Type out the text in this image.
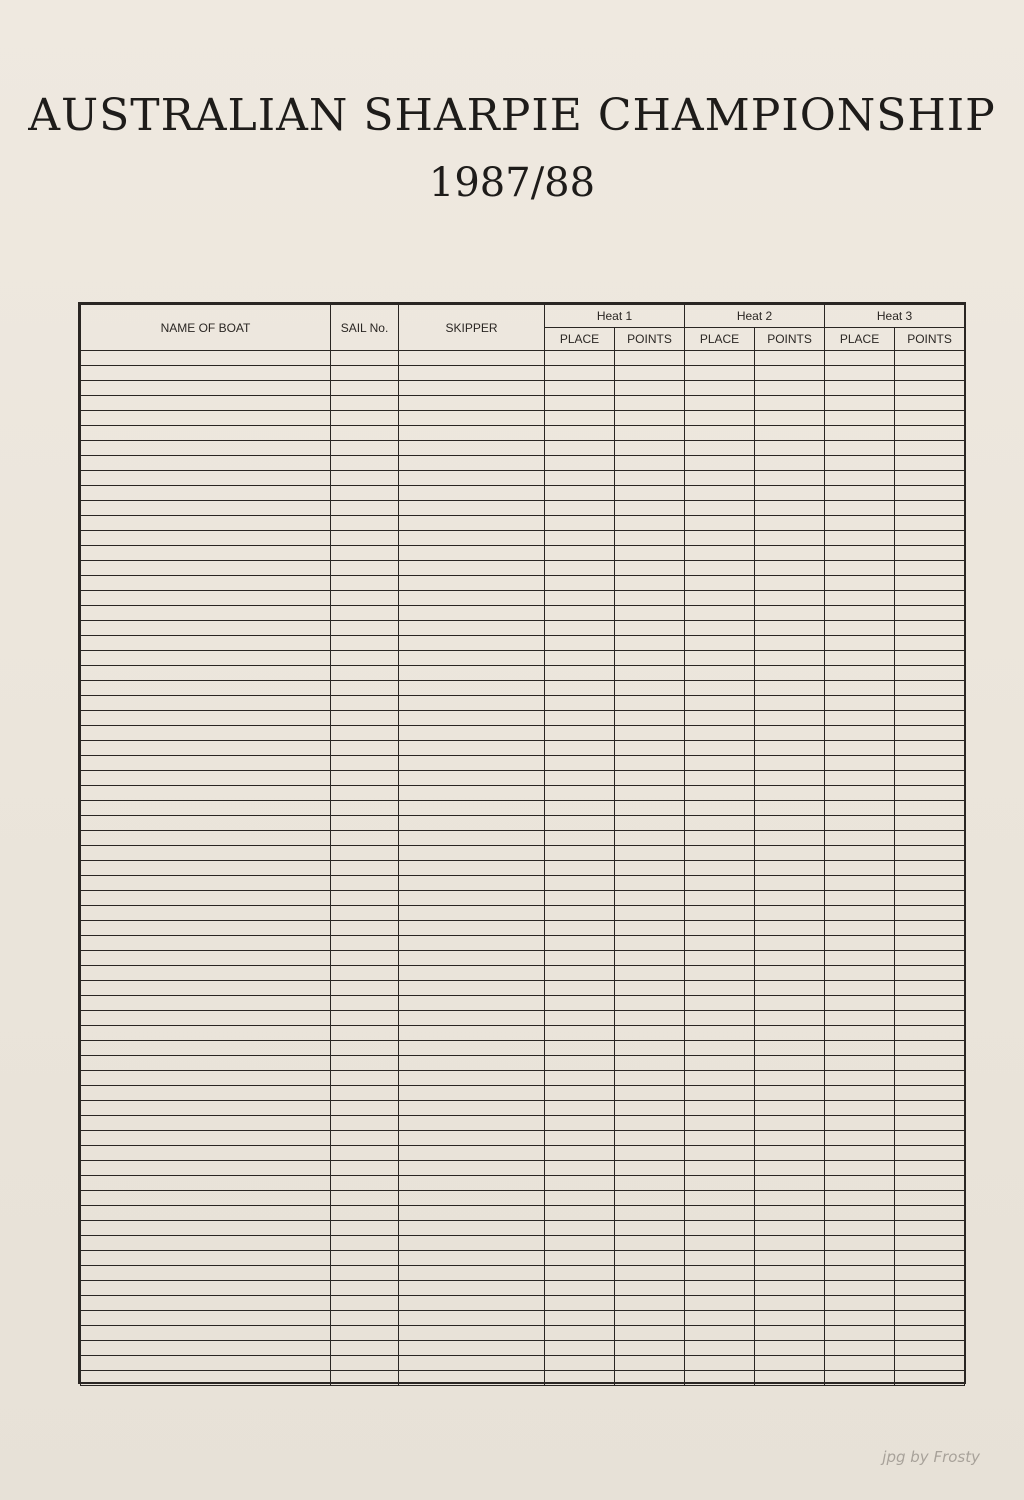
AUSTRALIAN SHARPIE CHAMPIONSHIP
1987/88
NAME OF BOAT	SAIL No.	SKIPPER	Heat 1		Heat 2		Heat 3	
			PLACE	POINTS	PLACE	POINTS	PLACE	POINTS

jpg by Frosty
